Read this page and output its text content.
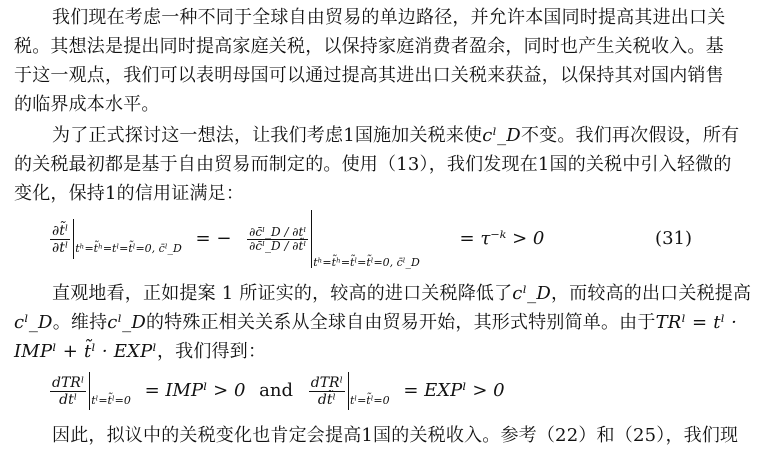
我们现在考虑一种不同于全球自由贸易的单边路径，并允许本国同时提高其进出口关
税。其想法是提出同时提高家庭关税，以保持家庭消费者盈余，同时也产生关税收入。基
于这一观点，我们可以表明母国可以通过提高其进出口关税来获益，以保持其对国内销售
的临界成本水平。
为了正式探讨这一想法，让我们考虑1国施加关税来使cˡ_D不变。我们再次假设，所有
的关税最初都是基于自由贸易而制定的。使用（13），我们发现在1国的关税中引入轻微的
变化，保持1的信用证满足：
$\frac{\text{∂t̃ˡ}}{\text{∂tˡ}} _{tʰ=t̃ʰ=tˡ=t̃ˡ=0, c̄ˡ\_D}$ = − $\frac{\text{∂c̄ˡ\_D / ∂tˡ}}{\text{∂c̄ˡ\_D / ∂t̃ˡ}}$
$_{tʰ=t̃ʰ=t̃ˡ=t̃ˡ=0, c̄ˡ\_D}$ = τ⁻ᵏ > 0	(31)
直观地看，正如提案 1 所证实的，较高的进口关税降低了cˡ_D，而较高的出口关税提高
cˡ_D。维持cˡ_D的特殊正相关关系从全球自由贸易开始，其形式特别简单。由于TRˡ = tˡ ·
IMPˡ + t̃ˡ · EXPˡ，我们得到：
$\frac{\text{dTRˡ}}{\text{dtˡ}} _{tˡ=t̃ˡ=0}$ = IMPˡ > 0 and $\frac{\text{dTRˡ}}{\text{dt̃ˡ}} _{tˡ=t̃ˡ=0}$ = EXPˡ > 0
因此，拟议中的关税变化也肯定会提高1国的关税收入。参考（22）和（25），我们现
